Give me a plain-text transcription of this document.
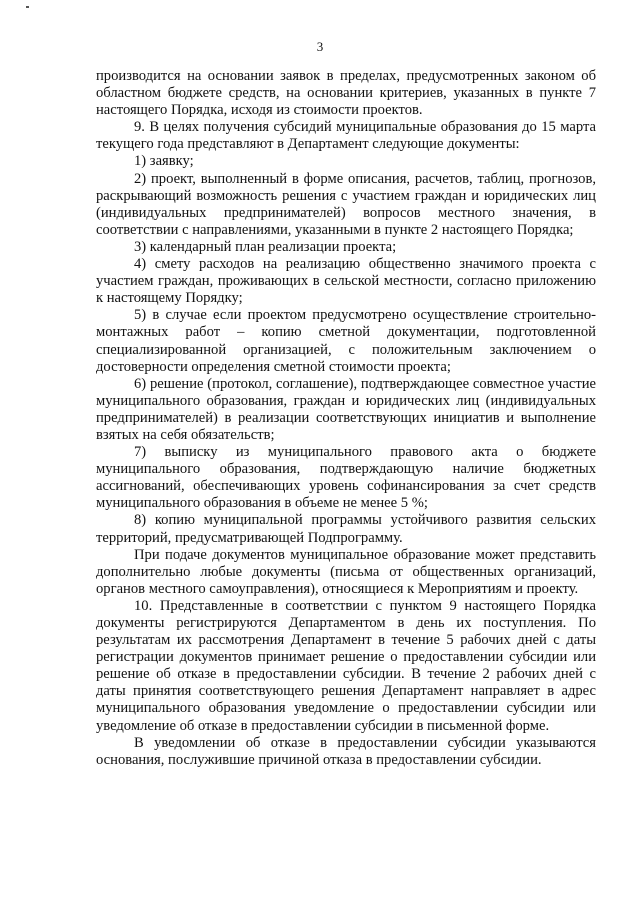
3

производится на основании заявок в пределах, предусмотренных законом об областном бюджете средств, на основании критериев, указанных в пункте 7 настоящего Порядка, исходя из стоимости проектов.

9. В целях получения субсидий муниципальные образования до 15 марта текущего года представляют в Департамент следующие документы:

1) заявку;

2) проект, выполненный в форме описания, расчетов, таблиц, прогнозов, раскрывающий возможность решения с участием граждан и юридических лиц (индивидуальных предпринимателей) вопросов местного значения, в соответствии с направлениями, указанными в пункте 2 настоящего Порядка;

3) календарный план реализации проекта;

4) смету расходов на реализацию общественно значимого проекта с участием граждан, проживающих в сельской местности, согласно приложению к настоящему Порядку;

5) в случае если проектом предусмотрено осуществление строительно-монтажных работ – копию сметной документации, подготовленной специализированной организацией, с положительным заключением о достоверности определения сметной стоимости проекта;

6) решение (протокол, соглашение), подтверждающее совместное участие муниципального образования, граждан и юридических лиц (индивидуальных предпринимателей) в реализации соответствующих инициатив и выполнение взятых на себя обязательств;

7) выписку из муниципального правового акта о бюджете муниципального образования, подтверждающую наличие бюджетных ассигнований, обеспечивающих уровень софинансирования за счет средств муниципального образования в объеме не менее 5 %;

8) копию муниципальной программы устойчивого развития сельских территорий, предусматривающей Подпрограмму.

При подаче документов муниципальное образование может представить дополнительно любые документы (письма от общественных организаций, органов местного самоуправления), относящиеся к Мероприятиям и проекту.

10. Представленные в соответствии с пунктом 9 настоящего Порядка документы регистрируются Департаментом в день их поступления. По результатам их рассмотрения Департамент в течение 5 рабочих дней с даты регистрации документов принимает решение о предоставлении субсидии или решение об отказе в предоставлении субсидии. В течение 2 рабочих дней с даты принятия соответствующего решения Департамент направляет в адрес муниципального образования уведомление о предоставлении субсидии или уведомление об отказе в предоставлении субсидии в письменной форме.

В уведомлении об отказе в предоставлении субсидии указываются основания, послужившие причиной отказа в предоставлении субсидии.
